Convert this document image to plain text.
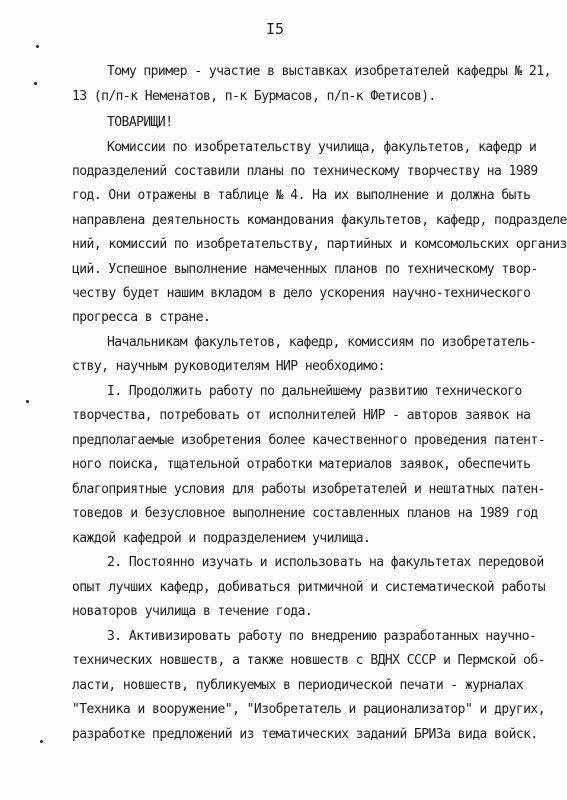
I5
Тому пример - участие в выставках изобретателей кафедры № 21,
13 (п/п-к Неменатов, п-к Бурмасов, п/п-к Фетисов).
ТОВАРИЩИ!
Комиссии по изобретательству училища, факультетов, кафедр и
подразделений составили планы по техническому творчеству на 1989
год. Они отражены в таблице № 4. На их выполнение и должна быть
направлена деятельность командования факультетов, кафедр, подразделе
ний, комиссий по изобретательству, партийных и комсомольских организ
ций. Успешное выполнение намеченных планов по техническому твор-
честву будет нашим вкладом в дело ускорения научно-технического
прогресса в стране.
Начальникам факультетов, кафедр, комиссиям по изобретатель-
ству, научным руководителям НИР необходимо:
I. Продолжить работу по дальнейшему развитию технического
творчества, потребовать от исполнителей НИР - авторов заявок на
предполагаемые изобретения более качественного проведения патент-
ного поиска, тщательной отработки материалов заявок, обеспечить
благоприятные условия для работы изобретателей и нештатных патен-
товедов и безусловное выполнение составленных планов на 1989 год
каждой кафедрой и подразделением училища.
2. Постоянно изучать и использовать на факультетах передовой
опыт лучших кафедр, добиваться ритмичной и систематической работы
новаторов училища в течение года.
3. Активизировать работу по внедрению разработанных научно-
технических новшеств, а также новшеств с ВДНХ СССР и Пермской об-
ласти, новшеств, публикуемых в периодической печати - журналах
"Техника и вооружение", "Изобретатель и рационализатор" и других,
разработке предложений из тематических заданий БРИЗа вида войск.
